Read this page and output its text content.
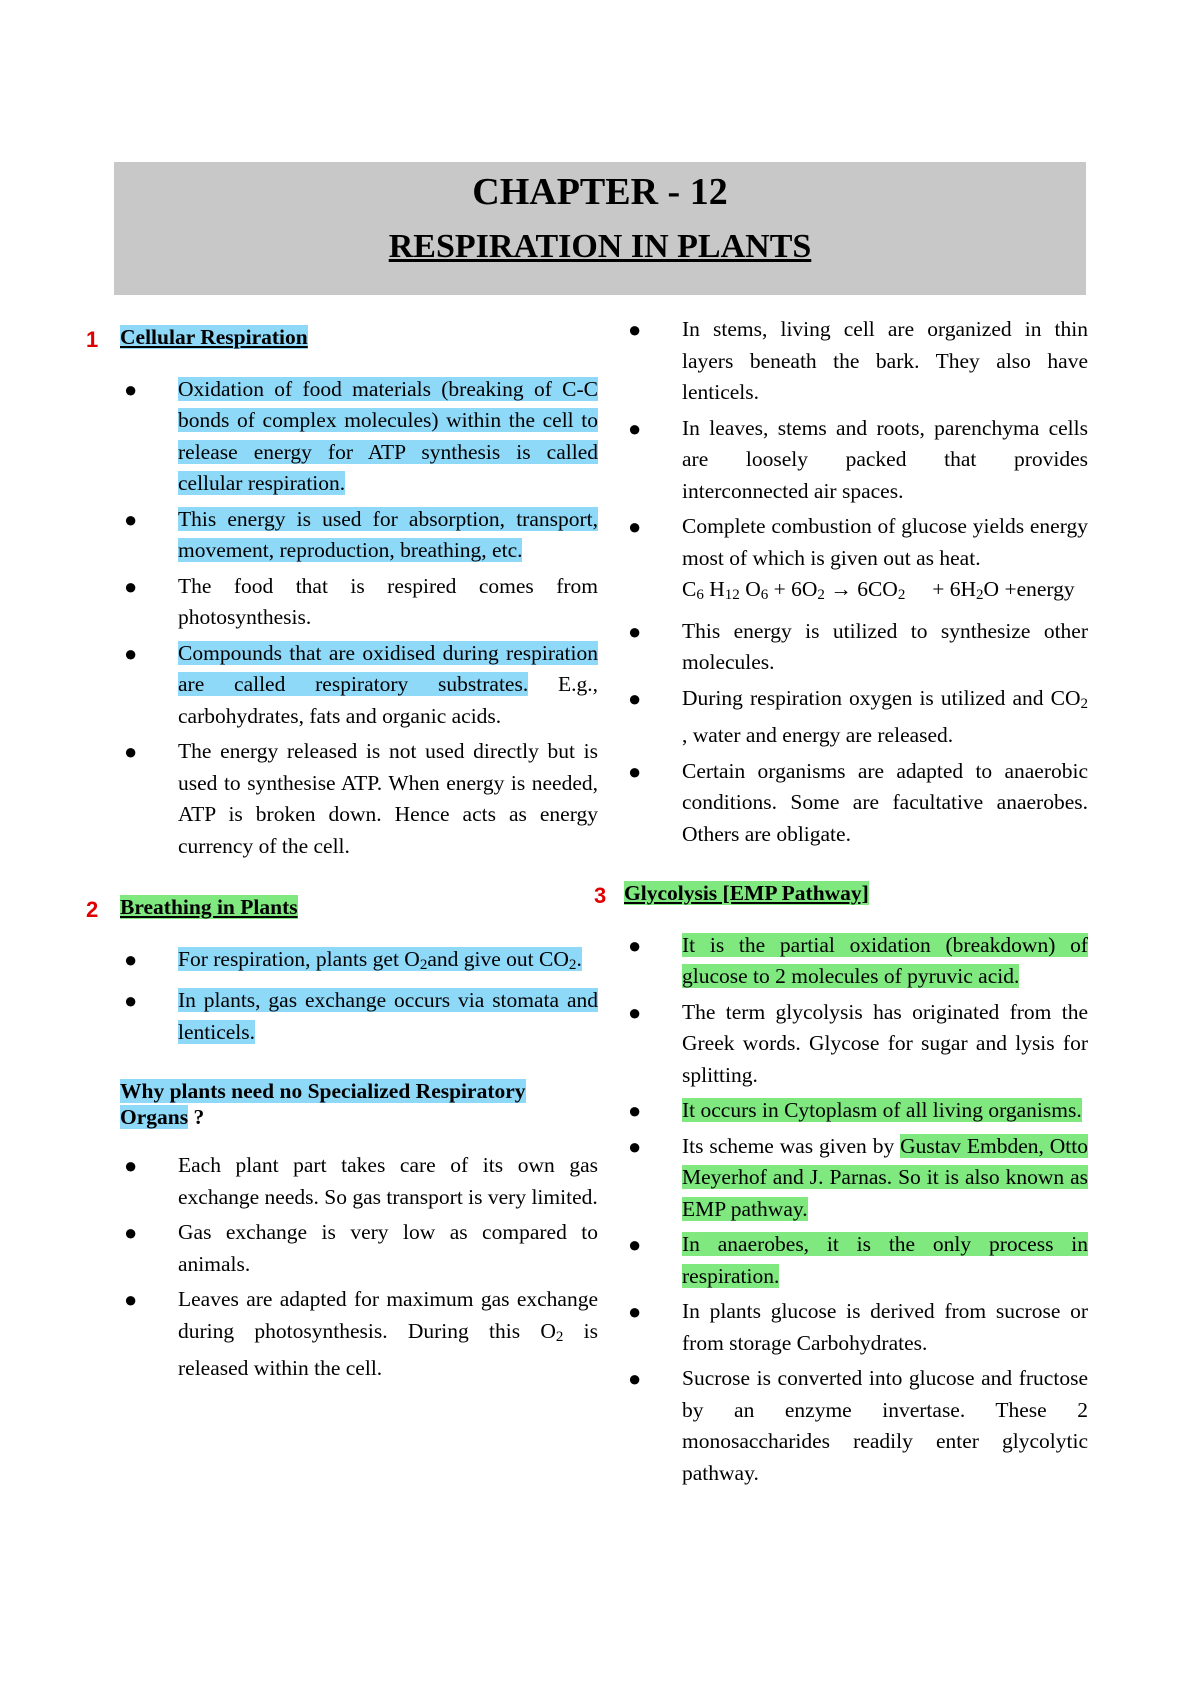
CHAPTER - 12
RESPIRATION IN PLANTS
1 Cellular Respiration
● Oxidation of food materials (breaking of C-C bonds of complex molecules) within the cell to release energy for ATP synthesis is called cellular respiration.
● This energy is used for absorption, transport, movement, reproduction, breathing, etc.
● The food that is respired comes from photosynthesis.
● Compounds that are oxidised during respiration are called respiratory substrates. E.g., carbohydrates, fats and organic acids.
● The energy released is not used directly but is used to synthesise ATP. When energy is needed, ATP is broken down. Hence acts as energy currency of the cell.
2 Breathing in Plants
● For respiration, plants get $O_2and$ give out $CO_2$.
● In plants, gas exchange occurs via stomata and lenticels.
Why plants need no Specialized Respiratory Organs ?
● Each plant part takes care of its own gas exchange needs. So gas transport is very limited.
● Gas exchange is very low as compared to animals.
● Leaves are adapted for maximum gas exchange during photosynthesis. During this $O_2$ is released within the cell.
● In stems, living cell are organized in thin layers beneath the bark. They also have lenticels.
● In leaves, stems and roots, parenchyma cells are loosely packed that provides interconnected air spaces.
● Complete combustion of glucose yields energy most of which is given out as heat.
$C_6$ $H_{12}$ $O_6 + 6O_2 \to 6CO_2$     + $6H_2O$ +energy
● This energy is utilized to synthesize other molecules.
● During respiration oxygen is utilized and $CO_2$ , water and energy are released.
● Certain organisms are adapted to anaerobic conditions. Some are facultative anaerobes. Others are obligate.
3 Glycolysis [EMP Pathway]
● It is the partial oxidation (breakdown) of glucose to 2 molecules of pyruvic acid.
● The term glycolysis has originated from the Greek words. Glycose for sugar and lysis for splitting.
● It occurs in Cytoplasm of all living organisms.
● Its scheme was given by Gustav Embden, Otto Meyerhof and J. Parnas. So it is also known as EMP pathway.
● In anaerobes, it is the only process in respiration.
● In plants glucose is derived from sucrose or from storage Carbohydrates.
● Sucrose is converted into glucose and fructose by an enzyme invertase. These 2 monosaccharides readily enter glycolytic pathway.
